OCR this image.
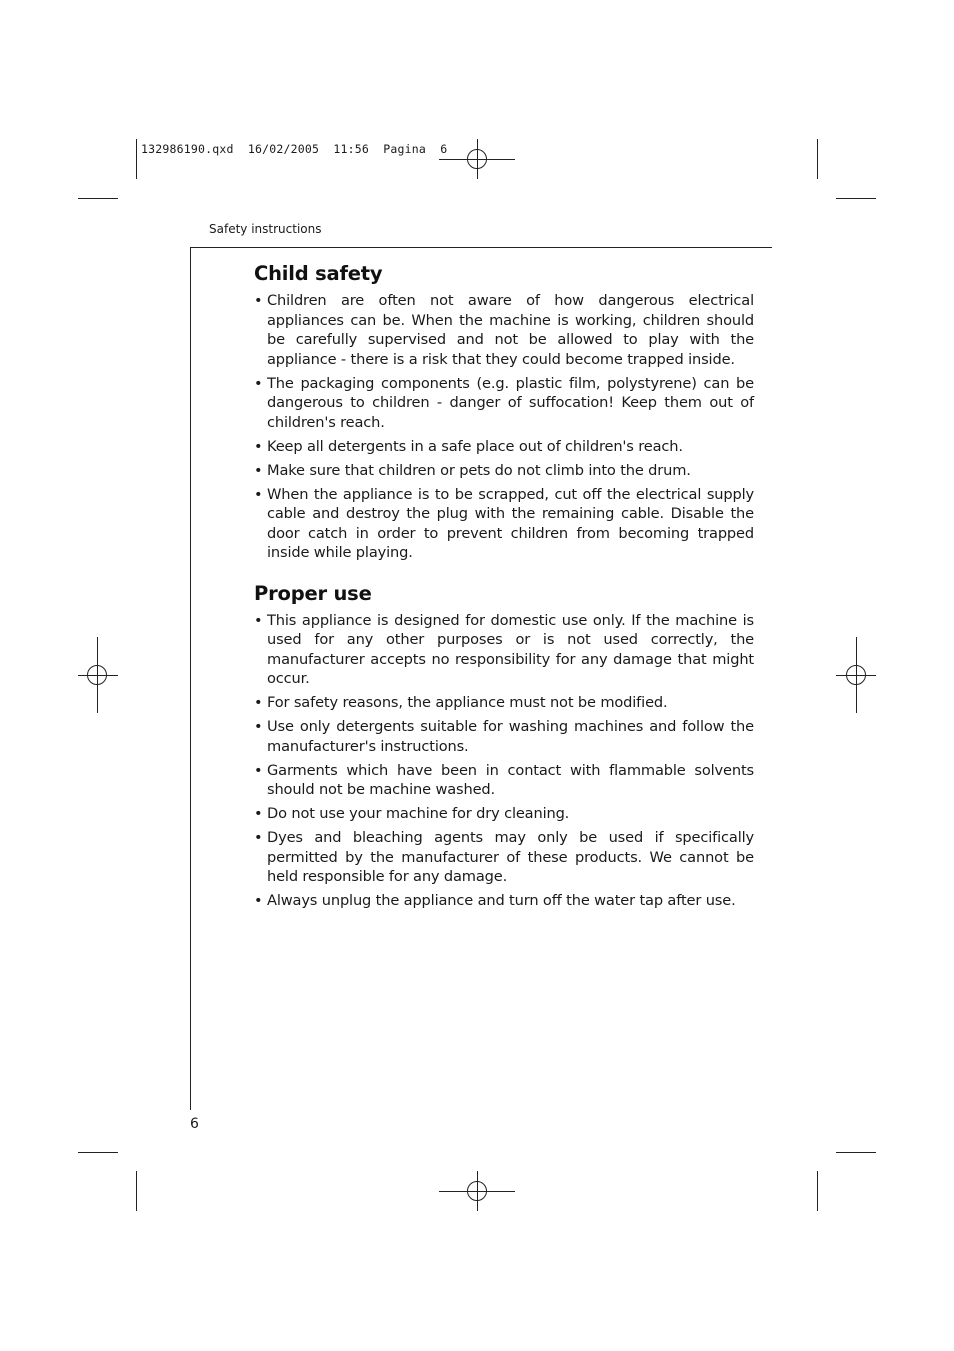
132986190.qxd  16/02/2005  11:56  Pagina  6
Safety instructions
Child safety
• Children are often not aware of how dangerous electrical appliances can be. When the machine is working, children should be carefully supervised and not be allowed to play with the appliance - there is a risk that they could become trapped inside.
• The packaging components (e.g. plastic film, polystyrene) can be dangerous to children - danger of suffocation! Keep them out of children's reach.
• Keep all detergents in a safe place out of children's reach.
• Make sure that children or pets do not climb into the drum.
• When the appliance is to be scrapped, cut off the electrical supply cable and destroy the plug with the remaining cable. Disable the door catch in order to prevent children from becoming trapped inside while playing.
Proper use
• This appliance is designed for domestic use only. If the machine is used for any other purposes or is not used correctly, the manufacturer accepts no responsibility for any damage that might occur.
• For safety reasons, the appliance must not be modified.
• Use only detergents suitable for washing machines and follow the manufacturer's instructions.
• Garments which have been in contact with flammable solvents should not be machine washed.
• Do not use your machine for dry cleaning.
• Dyes and bleaching agents may only be used if specifically permitted by the manufacturer of these products. We cannot be held responsible for any damage.
• Always unplug the appliance and turn off the water tap after use.
6
